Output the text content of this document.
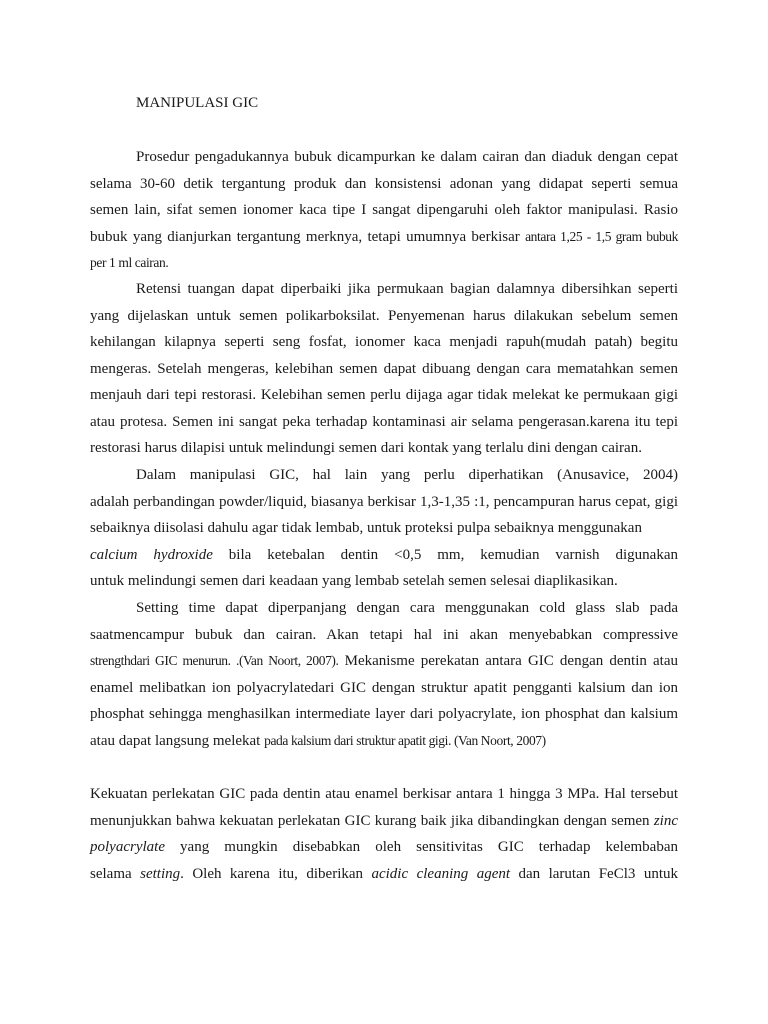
MANIPULASI GIC
Prosedur pengadukannya bubuk dicampurkan ke dalam cairan dan diaduk dengan cepat
selama 30-60 detik tergantung produk dan konsistensi adonan yang didapat seperti semua
semen lain, sifat semen ionomer kaca tipe I sangat dipengaruhi oleh faktor manipulasi. Rasio
bubuk yang dianjurkan tergantung merknya, tetapi umumnya berkisar antara 1,25 - 1,5 gram bubuk
per 1 ml cairan.
Retensi tuangan dapat diperbaiki jika permukaan bagian dalamnya dibersihkan seperti
yang dijelaskan untuk semen polikarboksilat. Penyemenan harus dilakukan sebelum semen
kehilangan kilapnya seperti seng fosfat, ionomer kaca menjadi rapuh(mudah patah) begitu
mengeras. Setelah mengeras, kelebihan semen dapat dibuang dengan cara mematahkan semen
menjauh dari tepi restorasi. Kelebihan semen perlu dijaga agar tidak melekat ke permukaan gigi
atau protesa. Semen ini sangat peka terhadap kontaminasi air selama pengerasan.karena itu tepi
restorasi harus dilapisi untuk melindungi semen dari kontak yang terlalu dini dengan cairan.
Dalam manipulasi GIC, hal lain yang perlu diperhatikan (Anusavice, 2004)
adalah perbandingan powder/liquid, biasanya berkisar 1,3-1,35 :1, pencampuran harus cepat, gigi
sebaiknya diisolasi dahulu agar tidak lembab, untuk proteksi pulpa sebaiknya menggunakan
calcium hydroxide bila ketebalan dentin <0,5 mm, kemudian varnish digunakan
untuk melindungi semen dari keadaan yang lembab setelah semen selesai diaplikasikan.
Setting time dapat diperpanjang dengan cara menggunakan cold glass slab pada
saatmencampur bubuk dan cairan. Akan tetapi hal ini akan menyebabkan compressive
strengthdari GIC menurun. .(Van Noort, 2007). Mekanisme perekatan antara GIC dengan dentin atau
enamel melibatkan ion polyacrylatedari GIC dengan struktur apatit pengganti kalsium dan ion
phosphat sehingga menghasilkan intermediate layer dari polyacrylate, ion phosphat dan kalsium
atau dapat langsung melekat pada kalsium dari struktur apatit gigi. (Van Noort, 2007)
Kekuatan perlekatan GIC pada dentin atau enamel berkisar antara 1 hingga 3 MPa. Hal tersebut
menunjukkan bahwa kekuatan perlekatan GIC kurang baik jika dibandingkan dengan semen zinc
polyacrylate yang mungkin disebabkan oleh sensitivitas GIC terhadap kelembaban
selama setting. Oleh karena itu, diberikan acidic cleaning agent dan larutan FeCl3 untuk
